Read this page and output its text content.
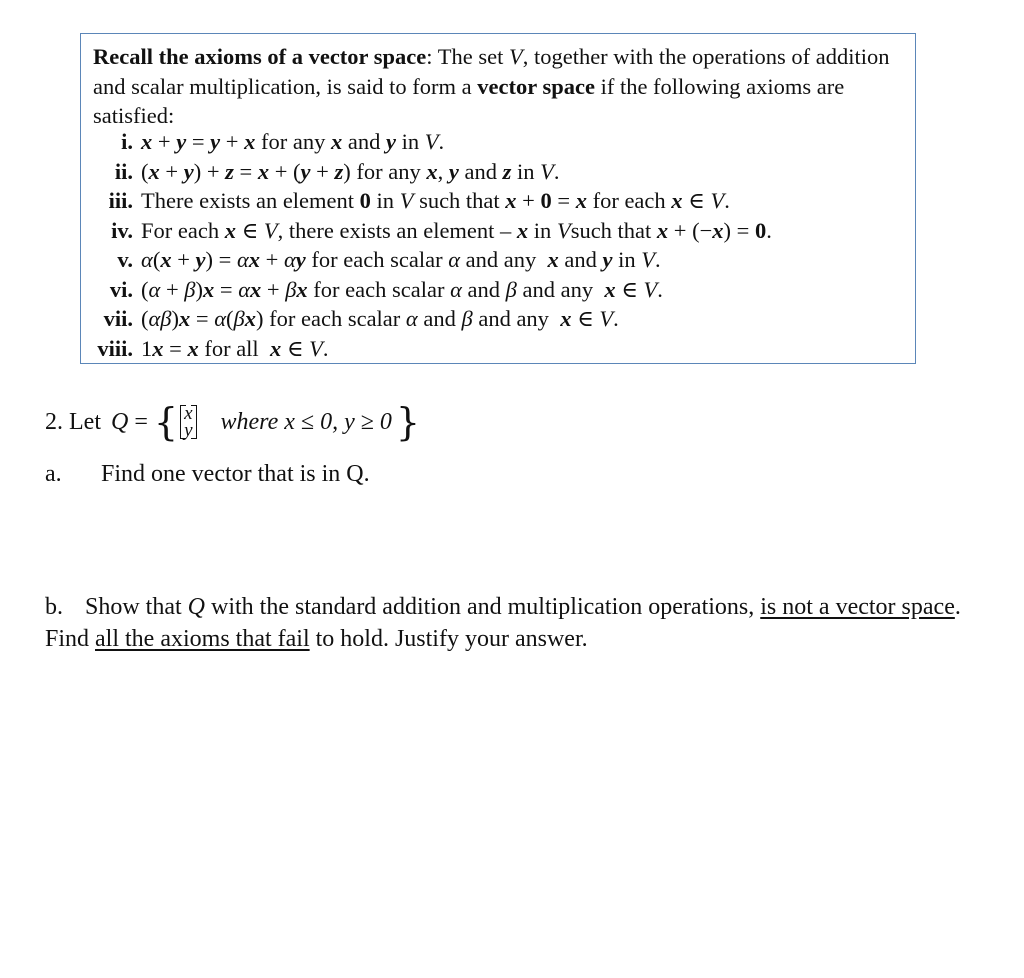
Recall the axioms of a vector space: The set V, together with the operations of addition and scalar multiplication, is said to form a vector space if the following axioms are satisfied:

i. x + y = y + x for any x and y in V.
ii. (x + y) + z = x + (y + z) for any x, y and z in V.
iii. There exists an element 0 in V such that x + 0 = x for each x ∈ V.
iv. For each x ∈ V, there exists an element – x in Vsuch that x + (−x) = 0.
v. α(x + y) = αx + αy for each scalar α and any  x and y in V.
vi. (α + β)x = αx + βx for each scalar α and β and any  x ∈ V.
vii. (αβ)x = α(βx) for each scalar α and β and any  x ∈ V.
viii. 1x = x for all  x ∈ V.
2. Let Q = { x
y where x ≤ 0, y ≥ 0 }
a. Find one vector that is in Q.

b. Show that Q with the standard addition and multiplication operations, is not a vector space.  Find all the axioms that fail to hold. Justify your answer.
